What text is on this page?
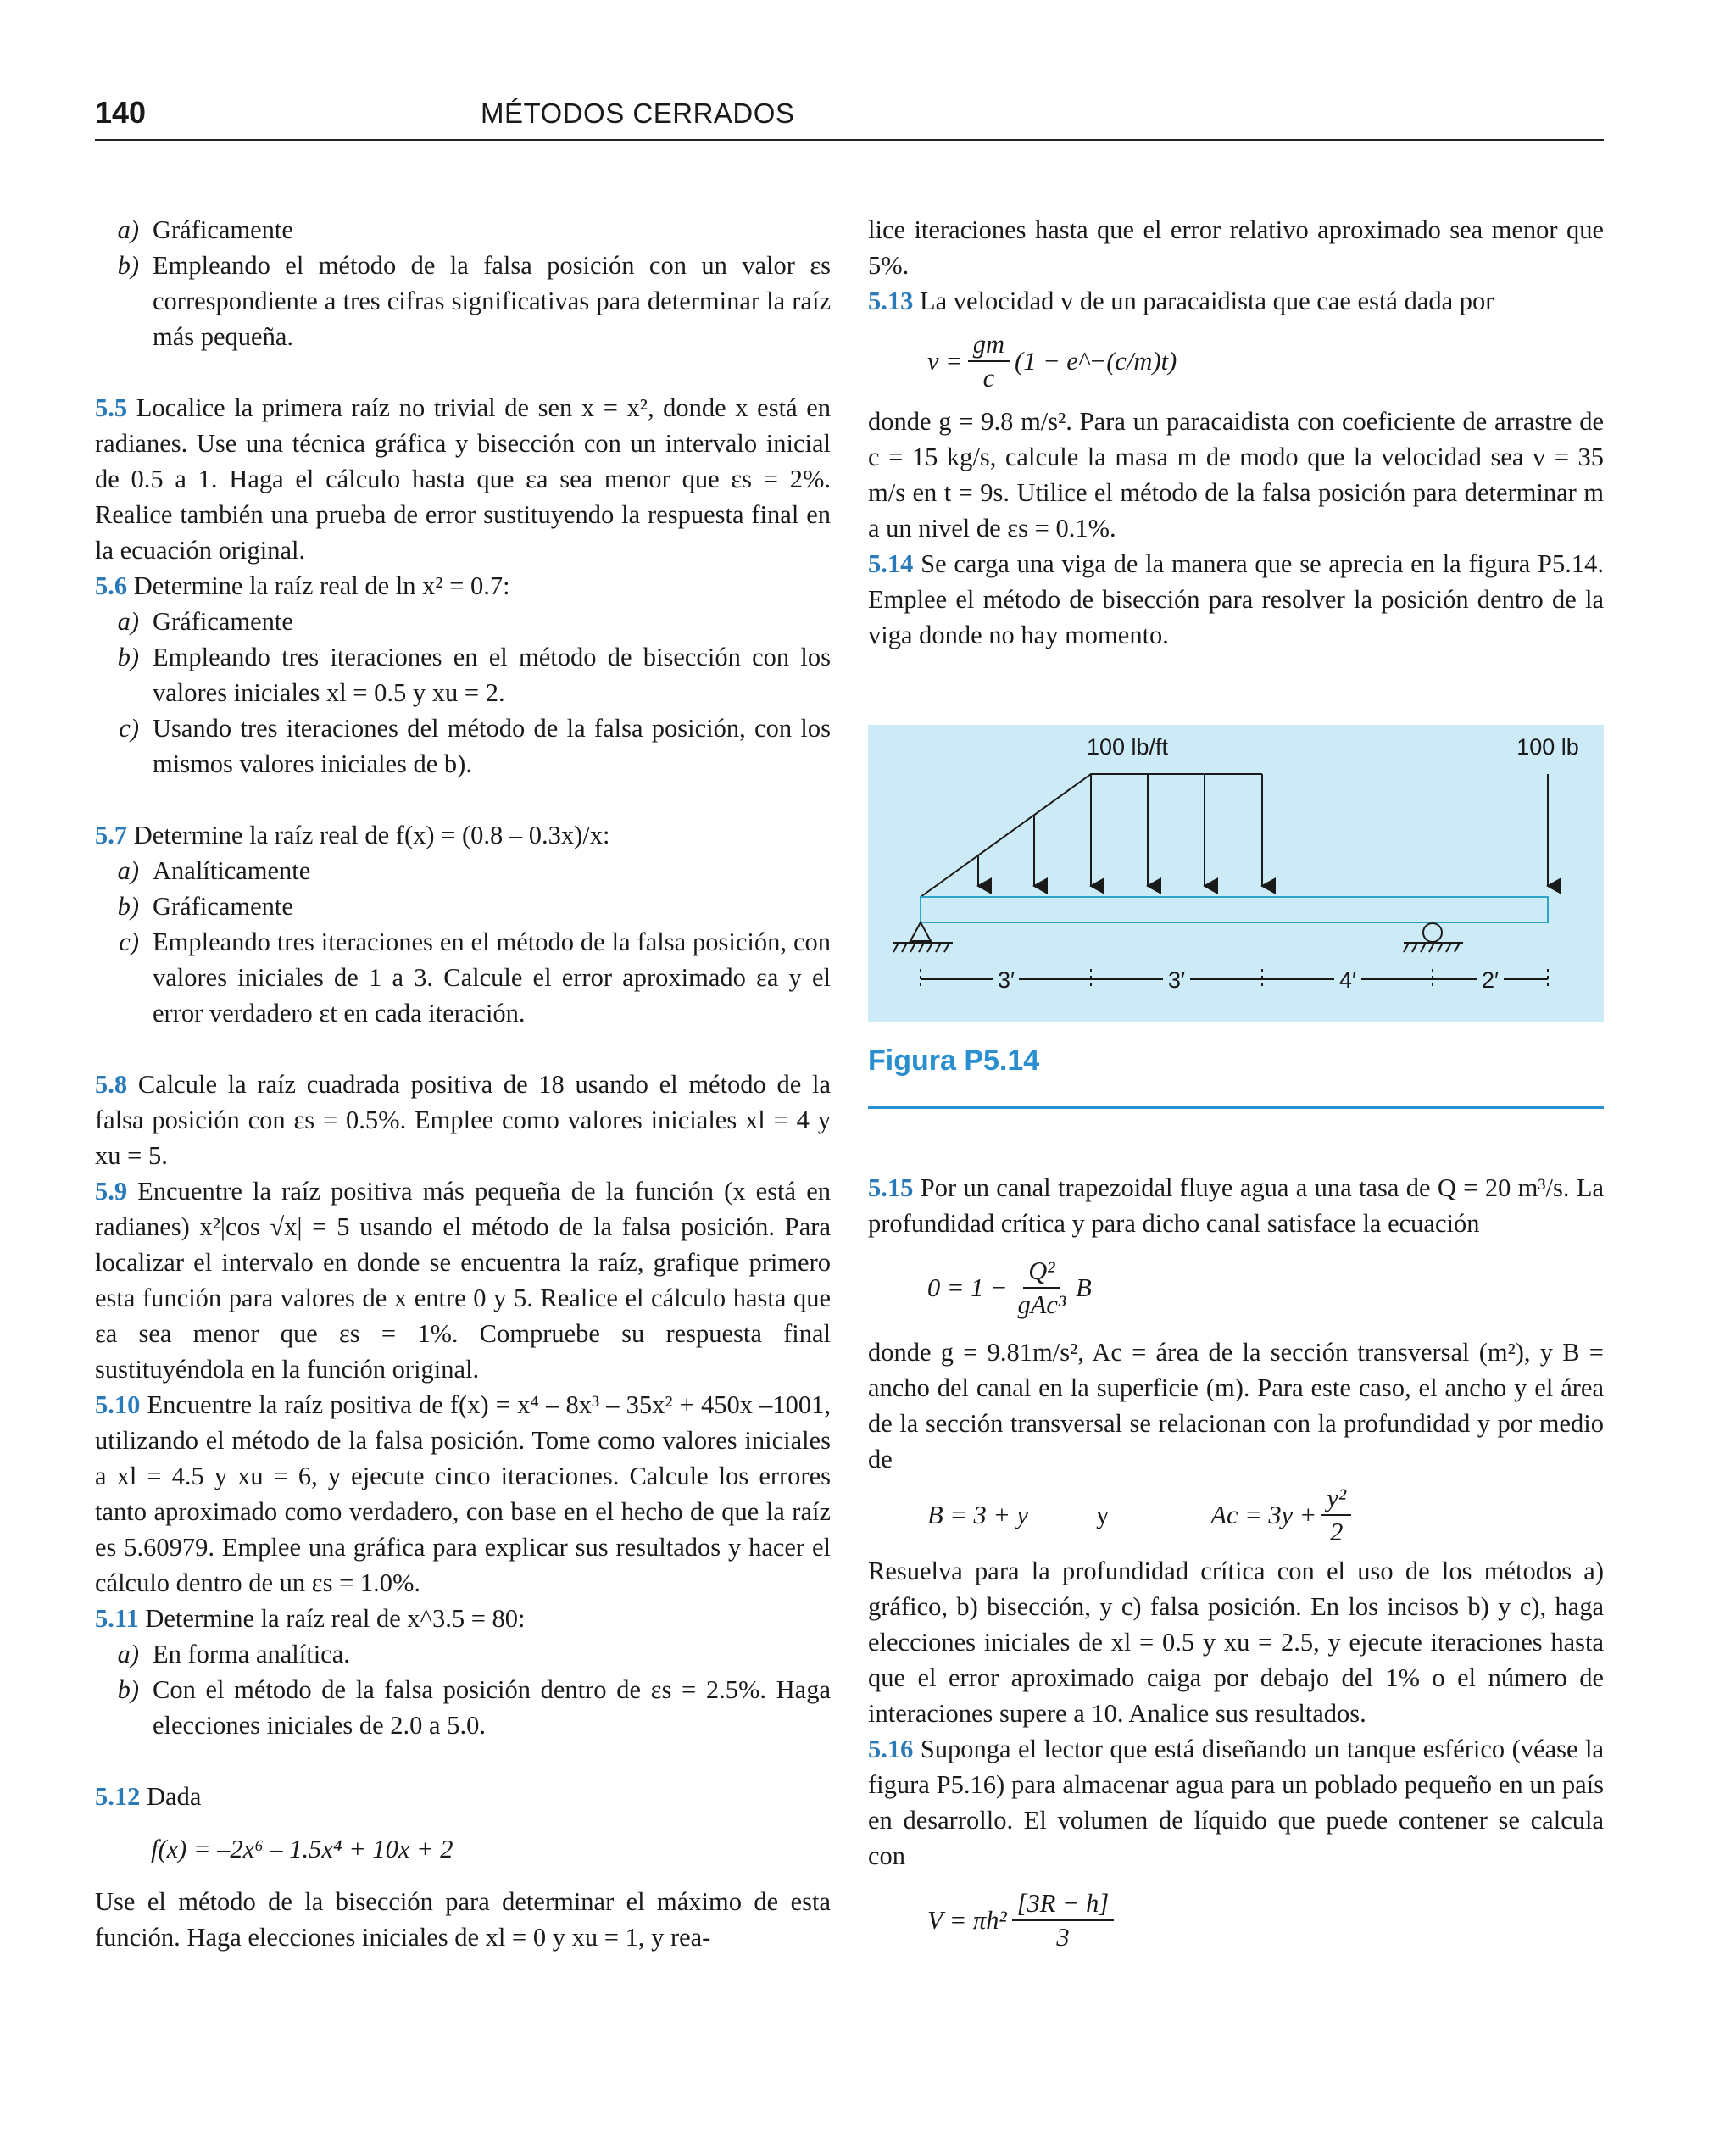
140	MÉTODOS CERRADOS
a) Gráficamente
b) Empleando el método de la falsa posición con un valor εs correspondiente a tres cifras significativas para determinar la raíz más pequeña.

5.5 Localice la primera raíz no trivial de sen x = x², donde x está en radianes. Use una técnica gráfica y bisección con un intervalo inicial de 0.5 a 1. Haga el cálculo hasta que εa sea menor que εs = 2%. Realice también una prueba de error sustituyendo la respuesta final en la ecuación original.

5.6 Determine la raíz real de ln x² = 0.7:

a) Gráficamente
b) Empleando tres iteraciones en el método de bisección con los valores iniciales xl = 0.5 y xu = 2.
c) Usando tres iteraciones del método de la falsa posición, con los mismos valores iniciales de b).

5.7 Determine la raíz real de f(x) = (0.8 – 0.3x)/x:

a) Analíticamente
b) Gráficamente
c) Empleando tres iteraciones en el método de la falsa posición, con valores iniciales de 1 a 3. Calcule el error aproximado εa y el error verdadero εt en cada iteración.

5.8 Calcule la raíz cuadrada positiva de 18 usando el método de la falsa posición con εs = 0.5%. Emplee como valores iniciales xl = 4 y xu = 5.

5.9 Encuentre la raíz positiva más pequeña de la función (x está en radianes) x²|cos √x| = 5 usando el método de la falsa posición. Para localizar el intervalo en donde se encuentra la raíz, grafique primero esta función para valores de x entre 0 y 5. Realice el cálculo hasta que εa sea menor que εs = 1%. Compruebe su respuesta final sustituyéndola en la función original.

5.10 Encuentre la raíz positiva de f(x) = x⁴ – 8x³ – 35x² + 450x –1001, utilizando el método de la falsa posición. Tome como valores iniciales a xl = 4.5 y xu = 6, y ejecute cinco iteraciones. Calcule los errores tanto aproximado como verdadero, con base en el hecho de que la raíz es 5.60979. Emplee una gráfica para explicar sus resultados y hacer el cálculo dentro de un εs = 1.0%.

5.11 Determine la raíz real de x^3.5 = 80:

a) En forma analítica.
b) Con el método de la falsa posición dentro de εs = 2.5%. Haga elecciones iniciales de 2.0 a 5.0.

5.12 Dada

f(x) = –2x⁶ – 1.5x⁴ + 10x + 2

Use el método de la bisección para determinar el máximo de esta función. Haga elecciones iniciales de xl = 0 y xu = 1, y rea-

lice iteraciones hasta que el error relativo aproximado sea menor que 5%.

5.13 La velocidad v de un paracaidista que cae está dada por

$v = \frac{gm}{c} (1$ − e^−(c/m)t)

donde g = 9.8 m/s². Para un paracaidista con coeficiente de arrastre de c = 15 kg/s, calcule la masa m de modo que la velocidad sea v = 35 m/s en t = 9s. Utilice el método de la falsa posición para determinar m a un nivel de εs = 0.1%.

5.14 Se carga una viga de la manera que se aprecia en la figura P5.14. Emplee el método de bisección para resolver la posición dentro de la viga donde no hay momento.

100 lb/ft	100 lb
3′	3′	4′	2′
Figura P5.14

5.15 Por un canal trapezoidal fluye agua a una tasa de Q = 20 m³/s. La profundidad crítica y para dicho canal satisface la ecuación

$0 = 1 - \frac{\text{Q²}}{\text{gAc³}}$ B

donde g = 9.81m/s², Ac = área de la sección transversal (m²), y B = ancho del canal en la superficie (m). Para este caso, el ancho y el área de la sección transversal se relacionan con la profundidad y por medio de

B = 3 + y	y	$Ac = 3y + \frac{\text{y²}}{2}$

Resuelva para la profundidad crítica con el uso de los métodos a) gráfico, b) bisección, y c) falsa posición. En los incisos b) y c), haga elecciones iniciales de xl = 0.5 y xu = 2.5, y ejecute iteraciones hasta que el error aproximado caiga por debajo del 1% o el número de interaciones supere a 10. Analice sus resultados.

5.16 Suponga el lector que está diseñando un tanque esférico (véase la figura P5.16) para almacenar agua para un poblado pequeño en un país en desarrollo. El volumen de líquido que puede contener se calcula con

$V = \pi h^2 \frac{[3R - h]}{3}$
